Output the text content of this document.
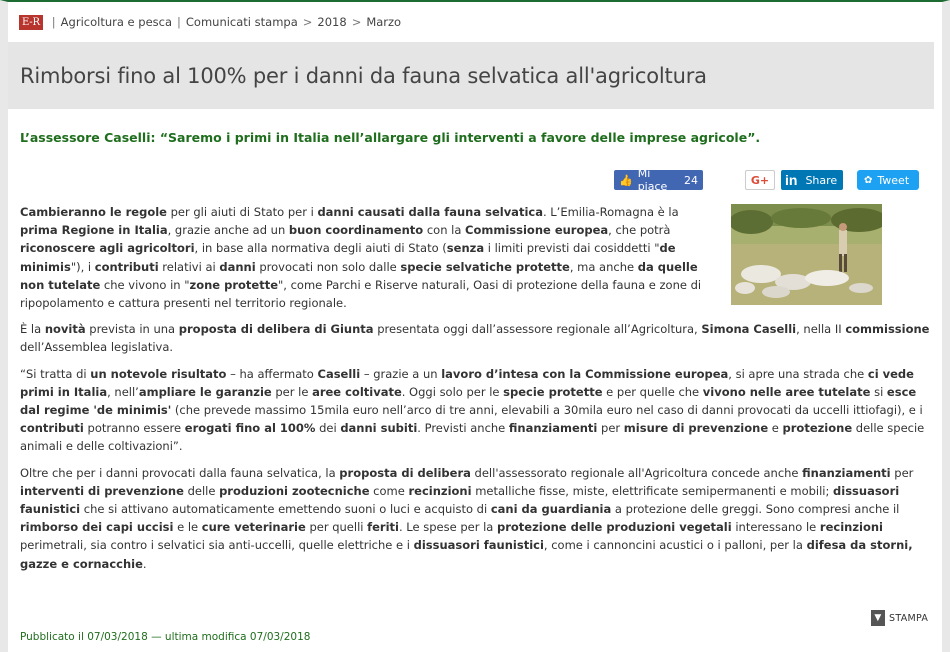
E-R | Agricoltura e pesca | Comunicati stampa > 2018 > Marzo
Rimborsi fino al 100% per i danni da fauna selvatica all'agricoltura
L’assessore Caselli: “Saremo i primi in Italia nell’allargare gli interventi a favore delle imprese agricole”.
👍 Mi piace	24	G+ in Share	✿ Tweet

Cambieranno le regole per gli aiuti di Stato per i danni causati dalla fauna selvatica. L’Emilia-Romagna è la prima Regione in Italia, grazie anche ad un buon coordinamento con la Commissione europea, che potrà riconoscere agli agricoltori, in base alla normativa degli aiuti di Stato (senza i limiti previsti dai cosiddetti "de minimis"), i contributi relativi ai danni provocati non solo dalle specie selvatiche protette, ma anche da quelle non tutelate che vivono in "zone protette", come Parchi e Riserve naturali, Oasi di protezione della fauna e zone di ripopolamento e cattura presenti nel territorio regionale.

È la novità prevista in una proposta di delibera di Giunta presentata oggi dall’assessore regionale all’Agricoltura, Simona Caselli, nella II commissione dell’Assemblea legislativa.

“Si tratta di un notevole risultato – ha affermato Caselli – grazie a un lavoro d’intesa con la Commissione europea, si apre una strada che ci vede primi in Italia, nell’ampliare le garanzie per le aree coltivate. Oggi solo per le specie protette e per quelle che vivono nelle aree tutelate si esce dal regime 'de minimis' (che prevede massimo 15mila euro nell’arco di tre anni, elevabili a 30mila euro nel caso di danni provocati da uccelli ittiofagi), e i contributi potranno essere erogati fino al 100% dei danni subiti. Previsti anche finanziamenti per misure di prevenzione e protezione delle specie animali e delle coltivazioni”.

Oltre che per i danni provocati dalla fauna selvatica, la proposta di delibera dell'assessorato regionale all'Agricoltura concede anche finanziamenti per interventi di prevenzione delle produzioni zootecniche come recinzioni metalliche fisse, miste, elettrificate semipermanenti e mobili; dissuasori faunistici che si attivano automaticamente emettendo suoni o luci e acquisto di cani da guardiania a protezione delle greggi. Sono compresi anche il rimborso dei capi uccisi e le cure veterinarie per quelli feriti. Le spese per la protezione delle produzioni vegetali interessano le recinzioni perimetrali, sia contro i selvatici sia anti-uccelli, quelle elettriche e i dissuasori faunistici, come i cannoncini acustici o i palloni, per la difesa da storni, gazze e cornacchie.

▼ STAMPA
Pubblicato il 07/03/2018 — ultima modifica 07/03/2018
